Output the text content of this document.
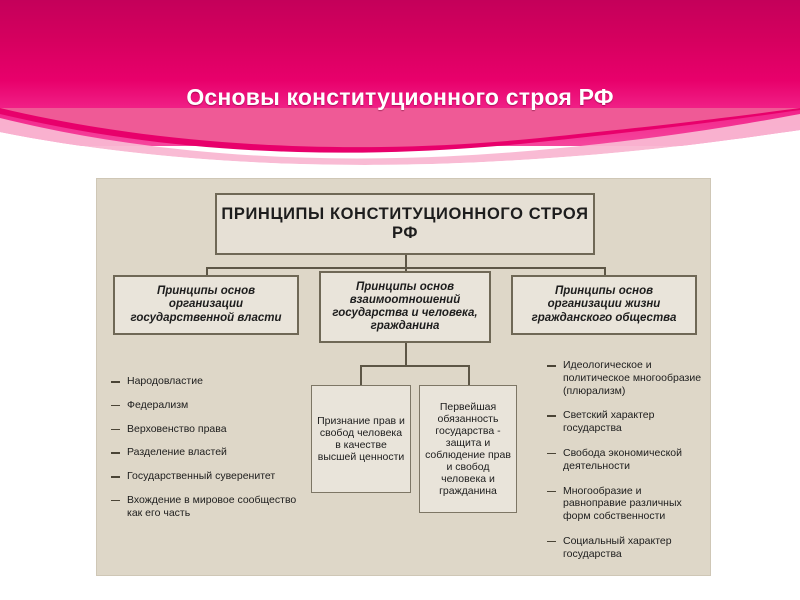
Основы конституционного строя РФ
ПРИНЦИПЫ КОНСТИТУЦИОННОГО СТРОЯ РФ
Принципы основ организации государственной власти
Принципы основ взаимоотношений государства и человека, гражданина
Принципы основ организации жизни гражданского общества
Признание прав и свобод человека в качестве высшей ценности
Первейшая обязанность государства - защита и соблюдение прав и свобод человека и гражданина
Народовластие
Федерализм
Верховенство права
Разделение властей
Государственный суверенитет
Вхождение в мировое сообщество как его часть
Идеологическое и политическое многообразие (плюрализм)
Светский характер государства
Свобода экономической деятельности
Многообразие и равноправие различных форм собственности
Социальный характер государства
